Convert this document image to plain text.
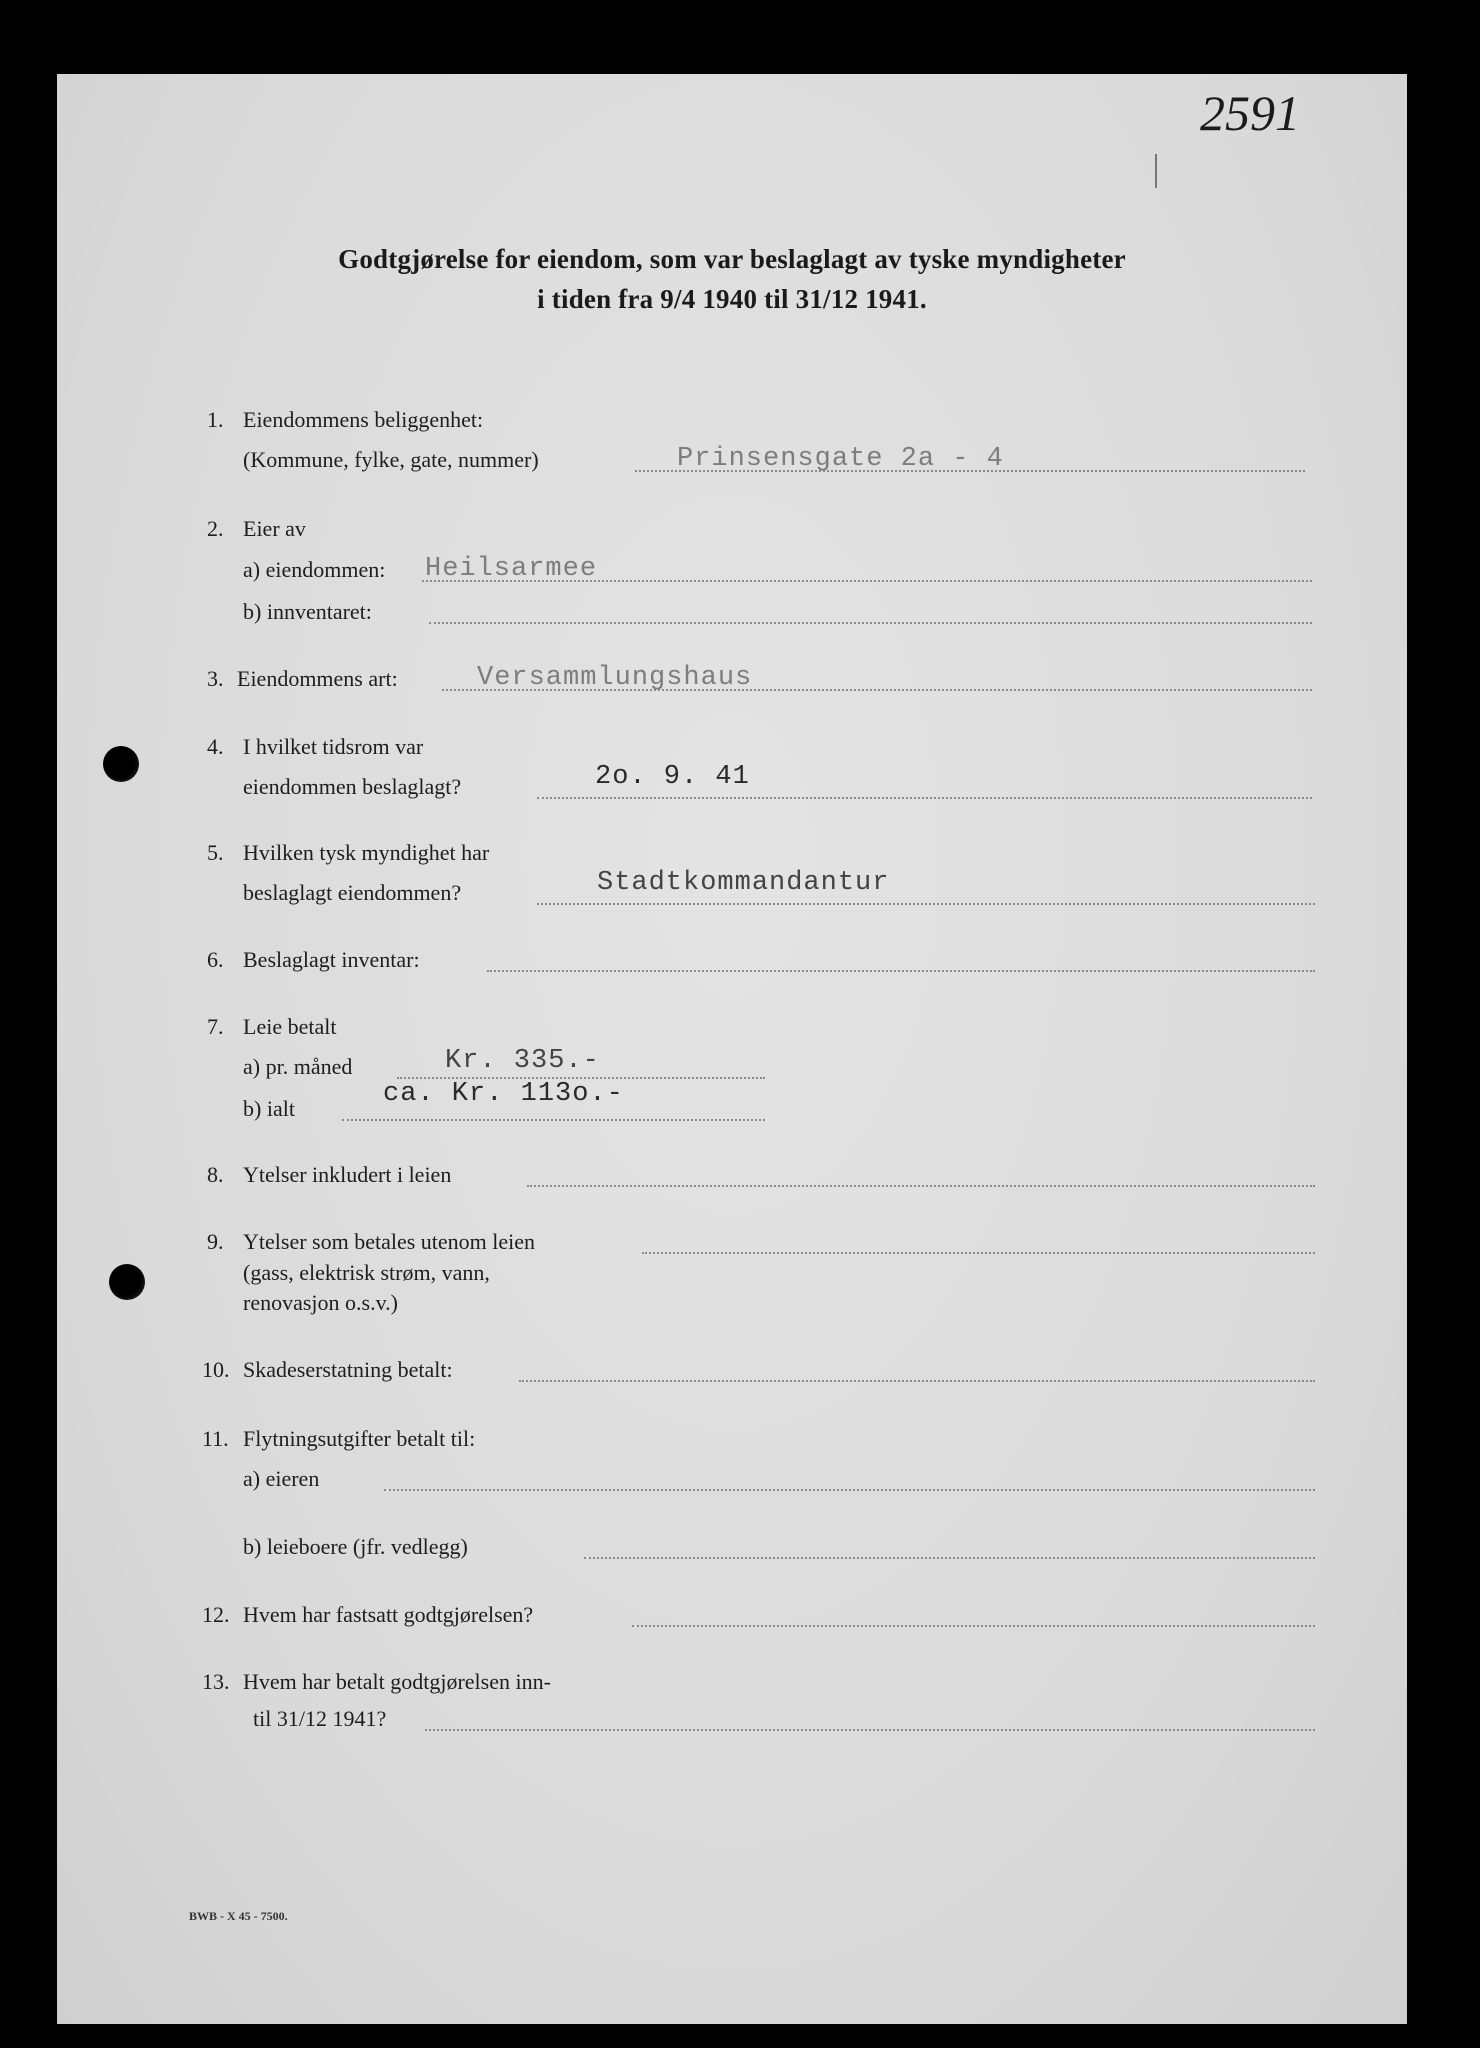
2591
Godtgjørelse for eiendom, som var beslaglagt av tyske myndigheter
i tiden fra 9/4 1940 til 31/12 1941.
1. Eiendommens beliggenhet:
(Kommune, fylke, gate, nummer)	Prinsensgate 2a - 4
2. Eier av
a) eiendommen: Heilsarmee
b) innventaret:
3. Eiendommens art:	Versammlungshaus
4. I hvilket tidsrom var
eiendommen beslaglagt?	2o. 9. 41
5. Hvilken tysk myndighet har
beslaglagt eiendommen?	Stadtkommandantur
6. Beslaglagt inventar:
7. Leie betalt
a) pr. måned	Kr. 335.-
b) ialt	ca. Kr. 113o.-
8. Ytelser inkludert i leien
9. Ytelser som betales utenom leien
(gass, elektrisk strøm, vann,
renovasjon o.s.v.)
10. Skadeserstatning betalt:
11. Flytningsutgifter betalt til:
a) eieren
b) leieboere (jfr. vedlegg)
12. Hvem har fastsatt godtgjørelsen?
13. Hvem har betalt godtgjørelsen inn-
til 31/12 1941?
BWB - X 45 - 7500.
